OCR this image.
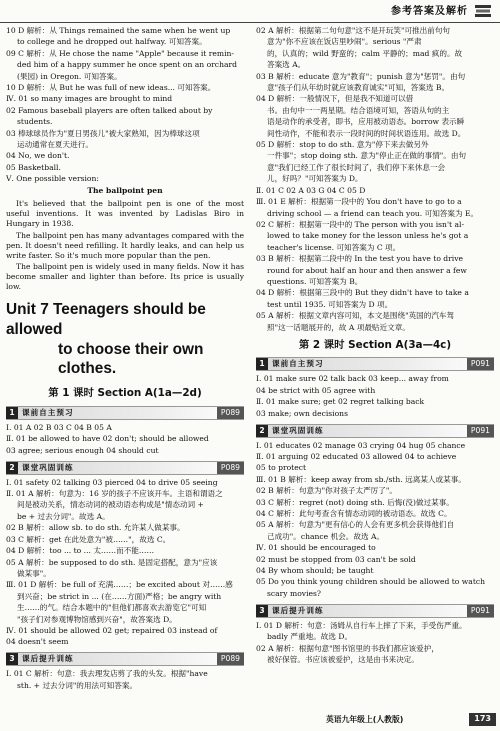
参考答案及解析

10 D 解析：从 Things remained the same when he went up

to college and he dropped out halfway. 可知答案。

09 C 解析：从 He chose the name "Apple" because it remin-

ded him of a happy summer he once spent on an orchard

(果园) in Oregon. 可知答案。

10 D 解析：从 But he was full of new ideas... 可知答案。

Ⅳ. 01 so many images are brought to mind

02 Famous baseball players are often talked about by

students.

03 棒球球员作为"夏日男孩儿"被大家熟知，因为棒球这项

运动通常在夏天进行。

04 No, we don't.

05 Basketball.

Ⅴ. One possible version:

The ballpoint pen

It's believed that the ballpoint pen is one of the most useful inventions. It was invented by Ladislas Biro in Hungary in 1938.

The ballpoint pen has many advantages compared with the pen. It doesn't need refilling. It hardly leaks, and can help us write faster. So it's much more popular than the pen.

The ballpoint pen is widely used in many fields. Now it has become smaller and lighter than before. Its price is usually low.

Unit 7 Teenagers should be allowed
to choose their own clothes.
第 1 课时 Section A(1a—2d)
1 课前自主预习	P089

Ⅰ. 01 A 02 B 03 C 04 B 05 A

Ⅱ. 01 be allowed to have 02 don't; should be allowed

03 agree; serious enough 04 should cut

2 课堂巩固训练	P089

Ⅰ. 01 safety 02 talking 03 pierced 04 to drive 05 seeing

Ⅱ. 01 A 解析：句意为：16 岁的孩子不应该开车。主语和谓语之

间是被动关系，情态动词的被动语态构成是"情态动词 +

be + 过去分词"。故选 A。

02 B 解析：allow sb. to do sth. 允许某人做某事。

03 C 解析：get 在此处意为"被……"，故选 C。

04 D 解析：too ... to ... 太……而不能……

05 A 解析：be supposed to do sth. 是固定搭配，意为"应该

做某事"。

Ⅲ. 01 D 解析：be full of 充满……；be excited about 对……感

到兴奋；be strict in ... (在……方面)严格；be angry with

生……的气。结合本题中的"但他们都喜欢去游览它"可知

"孩子们对参观博物馆感到兴奋"，故答案选 D。

Ⅳ. 01 should be allowed 02 get; repaired 03 instead of

04 doesn't seem

3 课后提升训练	P089

Ⅰ. 01 C 解析：句意：我去理发店剪了我的头发。根据"have

sth. + 过去分词"的用法可知答案。

02 A 解析：根据第二句句意"这不是开玩笑"可推出前句句

意为"你不应该在饭店里吵闹"。serious "严肃

的，认真的；wild 野蛮的；calm 平静的；mad 疯的。故

答案选 A。

03 B 解析：educate 意为"教育"；punish 意为"惩罚"。由句

意"孩子们从年幼时就应该教育诚实"可知，答案选 B。

04 D 解析：一般情况下，但是我不知道可以借

书。由句中一一两星期。结合语境可知，答语从句的主

语是动作的承受者，即书，应用被动语态。borrow 表示瞬

间性动作，不能和表示一段时间的时间状语连用。故选 D。

05 D 解析：stop to do sth. 意为"停下来去做另外

一件事"；stop doing sth. 意为"停止正在做的事情"。由句

意"我们已经工作了很长时间了，我们停下来休息一会

儿，好吗？"可知答案为 D。

Ⅱ. 01 C 02 A 03 G 04 C 05 D

Ⅲ. 01 E 解析：根据第一段中的 You don't have to go to a

driving school — a friend can teach you. 可知答案为 E。

02 C 解析：根据第一段中的 The person with you isn't al-

lowed to take money for the lesson unless he's got a

teacher's license. 可知答案为 C 项。

03 B 解析：根据第二段中的 In the test you have to drive

round for about half an hour and then answer a few

questions. 可知答案为 B。

04 D 解析：根据第三段中的 But they didn't have to take a

test until 1935. 可知答案为 D 项。

05 A 解析：根据文章内容可知，本文是围绕"英国的汽车驾

照"这一话题展开的，故 A 项最贴近文章。

第 2 课时 Section A(3a—4c)
1 课前自主预习	P091

Ⅰ. 01 make sure 02 talk back 03 keep... away from

04 be strict with 05 agree with

Ⅱ. 01 make sure; get 02 regret talking back

03 make; own decisions

2 课堂巩固训练	P091

Ⅰ. 01 educates 02 manage 03 crying 04 hug 05 chance

Ⅱ. 01 arguing 02 educated 03 allowed 04 to achieve

05 to protect

Ⅲ. 01 B 解析：keep away from sb./sth. 远离某人或某事。

02 B 解析：句意为"你对孩子太严厉了"。

03 C 解析：regret (not) doing sth. 后悔(没)做过某事。

04 C 解析：此句考查含有情态动词的被动语态。故选 C。

05 A 解析：句意为"更有信心的人会有更多机会获得他们自

己成功"。chance 机会。故选 A。

Ⅳ. 01 should be encouraged to

02 must be stopped from 03 can't be sold

04 By whom should; be taught

05 Do you think young children should be allowed to watch

scary movies?

3 课后提升训练	P091

Ⅰ. 01 D 解析：句意：汤姆从自行车上摔了下来，手受伤严重。

badly 严重地。故选 D。

02 A 解析：根据句意"图书馆里的书我们都应该爱护，

被好保管。书应该被爱护，这是由书来决定。

英语九年级上(人教版)	173
